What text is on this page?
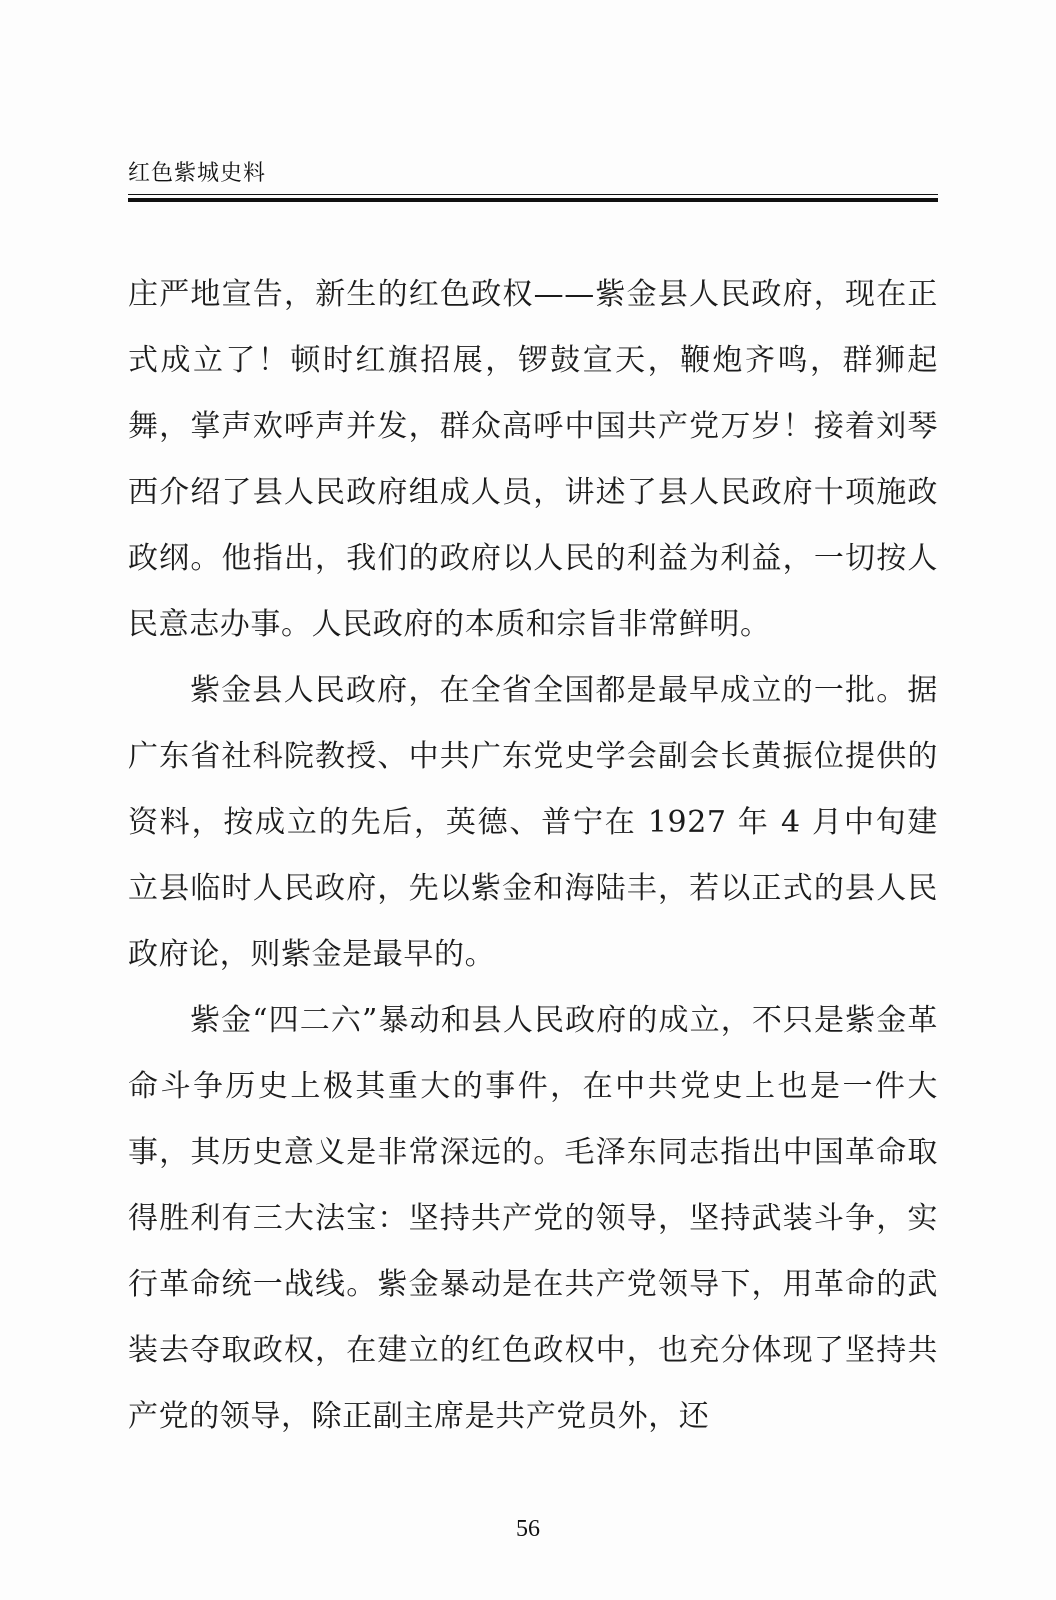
红色紫城史料

庄严地宣告，新生的红色政权——紫金县人民政府，现在正式成立了！顿时红旗招展，锣鼓宣天，鞭炮齐鸣，群狮起舞，掌声欢呼声并发，群众高呼中国共产党万岁！接着刘琴西介绍了县人民政府组成人员，讲述了县人民政府十项施政政纲。他指出，我们的政府以人民的利益为利益，一切按人民意志办事。人民政府的本质和宗旨非常鲜明。

紫金县人民政府，在全省全国都是最早成立的一批。据广东省社科院教授、中共广东党史学会副会长黄振位提供的资料，按成立的先后，英德、普宁在 1927 年 4 月中旬建立县临时人民政府，先以紫金和海陆丰，若以正式的县人民政府论，则紫金是最早的。

紫金“四二六”暴动和县人民政府的成立，不只是紫金革命斗争历史上极其重大的事件，在中共党史上也是一件大事，其历史意义是非常深远的。毛泽东同志指出中国革命取得胜利有三大法宝：坚持共产党的领导，坚持武装斗争，实行革命统一战线。紫金暴动是在共产党领导下，用革命的武装去夺取政权，在建立的红色政权中，也充分体现了坚持共产党的领导，除正副主席是共产党员外，还

56
